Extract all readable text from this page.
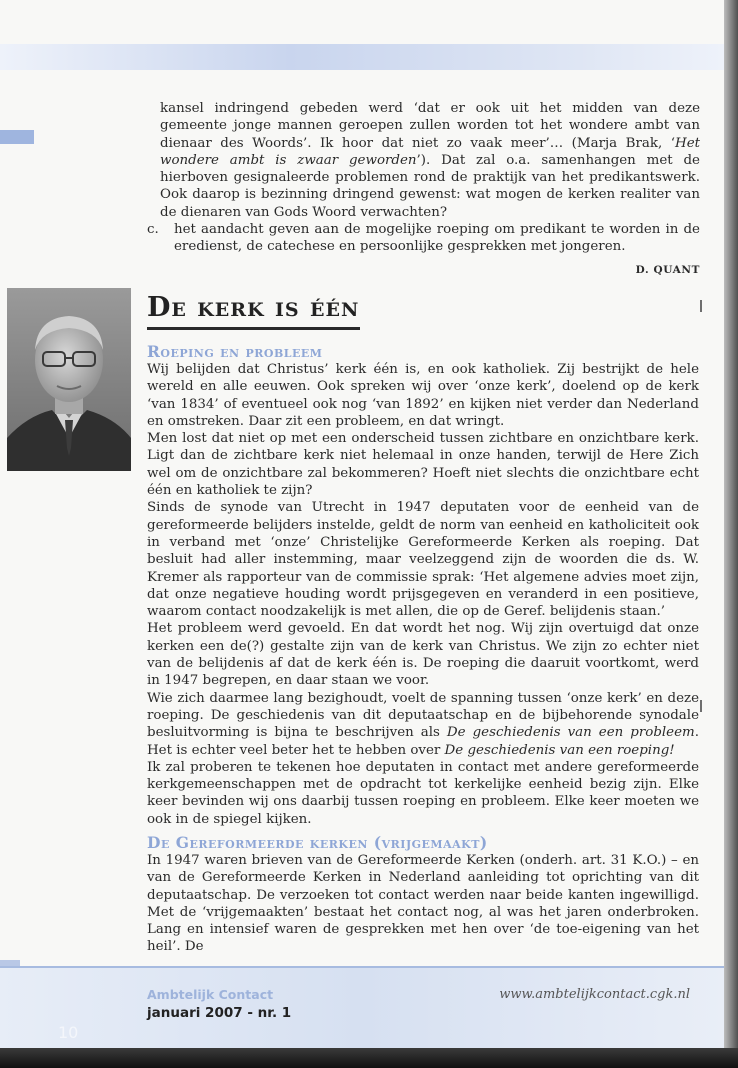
kansel indringend gebeden werd ‘dat er ook uit het midden van deze gemeente jonge mannen geroepen zullen worden tot het wondere ambt van dienaar des Woords’. Ik hoor dat niet zo vaak meer’… (Marja Brak, ‘Het wondere ambt is zwaar geworden’). Dat zal o.a. samenhangen met de hierboven gesignaleerde problemen rond de praktijk van het predikantswerk. Ook daarop is bezinning dringend gewenst: wat mogen de kerken realiter van de dienaren van Gods Woord verwachten?

c. het aandacht geven aan de mogelijke roeping om predikant te worden in de eredienst, de catechese en persoonlijke gesprekken met jongeren.

D. QUANT
De kerk is één
Roeping en probleem

Wij belijden dat Christus’ kerk één is, en ook katholiek. Zij bestrijkt de hele wereld en alle eeuwen. Ook spreken wij over ‘onze kerk’, doelend op de kerk ‘van 1834’ of eventueel ook nog ‘van 1892’ en kijken niet verder dan Nederland en omstreken. Daar zit een probleem, en dat wringt.

Men lost dat niet op met een onderscheid tussen zichtbare en onzichtbare kerk. Ligt dan de zichtbare kerk niet helemaal in onze handen, terwijl de Here Zich wel om de onzichtbare zal bekommeren? Hoeft niet slechts die onzichtbare echt één en katholiek te zijn?

Sinds de synode van Utrecht in 1947 deputaten voor de eenheid van de gereformeerde belijders instelde, geldt de norm van eenheid en katholiciteit ook in verband met ‘onze’ Christelijke Gereformeerde Kerken als roeping. Dat besluit had aller instemming, maar veelzeggend zijn de woorden die ds. W. Kremer als rapporteur van de commissie sprak: ‘Het algemene advies moet zijn, dat onze negatieve houding wordt prijsgegeven en veranderd in een positieve, waarom contact noodzakelijk is met allen, die op de Geref. belijdenis staan.’

Het probleem werd gevoeld. En dat wordt het nog. Wij zijn overtuigd dat onze kerken een de(?) gestalte zijn van de kerk van Christus. We zijn zo echter niet van de belijdenis af dat de kerk één is. De roeping die daaruit voortkomt, werd in 1947 begrepen, en daar staan we voor.

Wie zich daarmee lang bezighoudt, voelt de spanning tussen ‘onze kerk’ en deze roeping. De geschiedenis van dit deputaatschap en de bijbehorende synodale besluitvorming is bijna te beschrijven als De geschiedenis van een probleem. Het is echter veel beter het te hebben over De geschiedenis van een roeping!

Ik zal proberen te tekenen hoe deputaten in contact met andere gereformeerde kerkgemeenschappen met de opdracht tot kerkelijke eenheid bezig zijn. Elke keer bevinden wij ons daarbij tussen roeping en probleem. Elke keer moeten we ook in de spiegel kijken.

De Gereformeerde kerken (vrijgemaakt)

In 1947 waren brieven van de Gereformeerde Kerken (onderh. art. 31 K.O.) – en van de Gereformeerde Kerken in Nederland aanleiding tot oprichting van dit deputaatschap. De verzoeken tot contact werden naar beide kanten ingewilligd. Met de ‘vrijgemaakten’ bestaat het contact nog, al was het jaren onderbroken. Lang en intensief waren de gesprekken met hen over ‘de toe-eigening van het heil’. De

10
Ambtelijk Contact
januari 2007 - nr. 1
www.ambtelijkcontact.cgk.nl
